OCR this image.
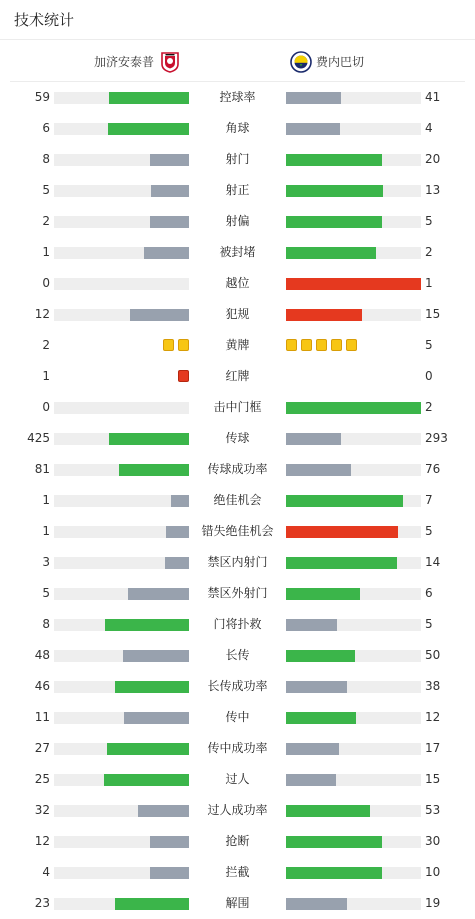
技术统计
加济安泰普	费内巴切
59	控球率	41
6	角球	4
8	射门	20
5	射正	13
2	射偏	5
1	被封堵	2
0	越位	1
12	犯规	15
2	黄牌	5
1	红牌	0
0	击中门框	2
425	传球	293
81	传球成功率	76
1	绝佳机会	7
1	错失绝佳机会	5
3	禁区内射门	14
5	禁区外射门	6
8	门将扑救	5
48	长传	50
46	长传成功率	38
11	传中	12
27	传中成功率	17
25	过人	15
32	过人成功率	53
12	抢断	30
4	拦截	10
23	解围	19
